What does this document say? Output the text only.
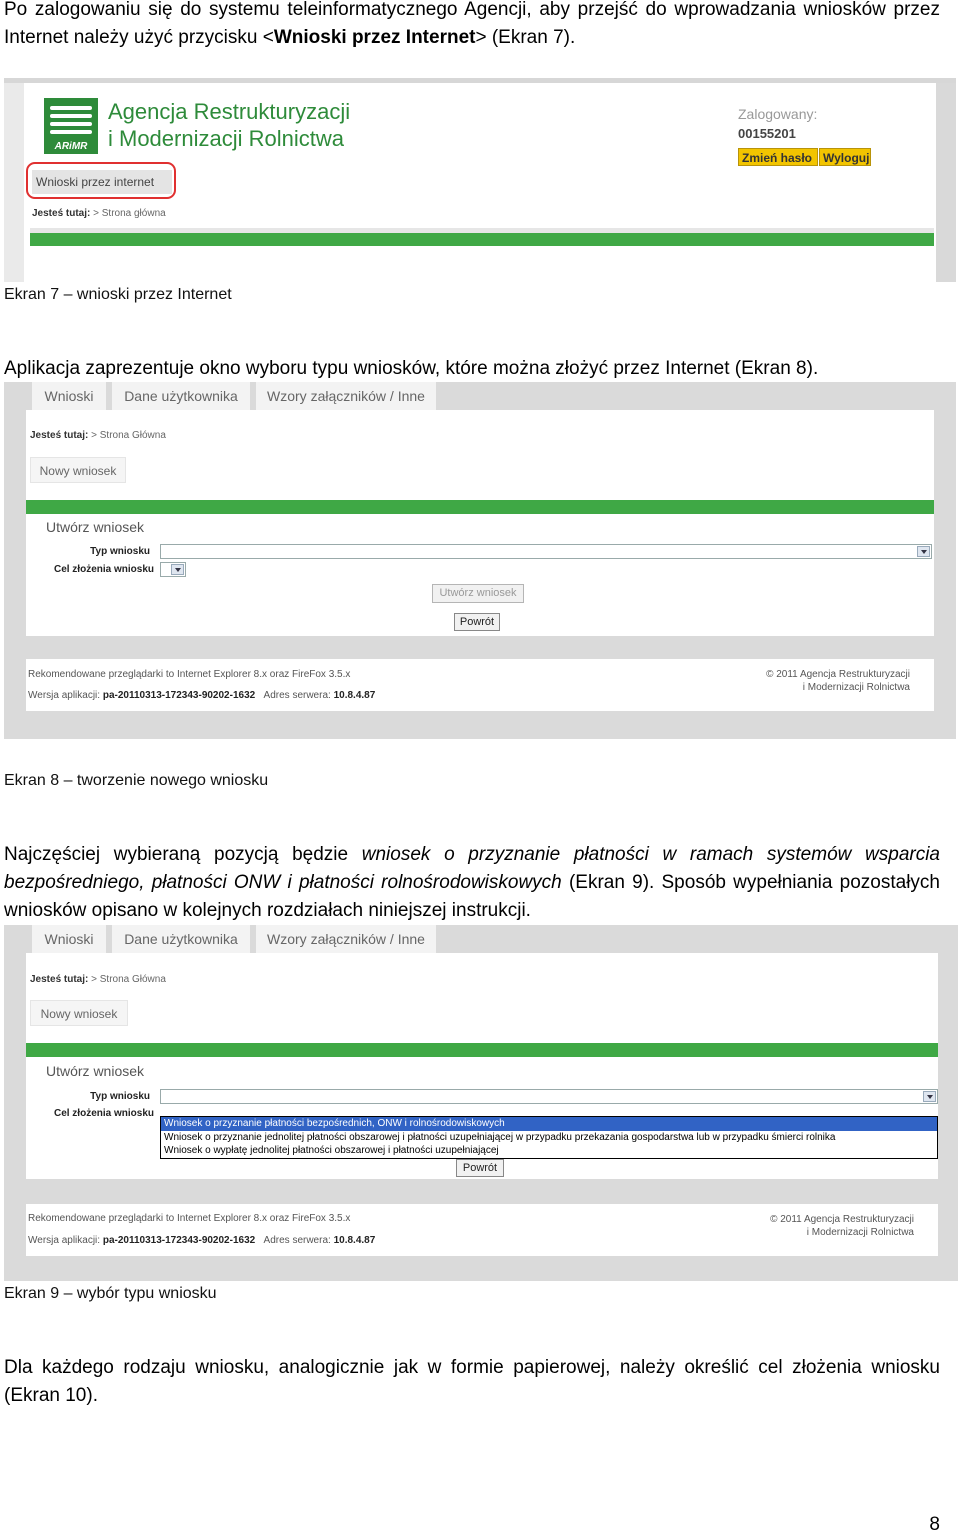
Po zalogowaniu się do systemu teleinformatycznego Agencji, aby przejść do wprowadzania wniosków przez Internet należy użyć przycisku <Wnioski przez Internet> (Ekran 7).
ARiMR
Agencja Restrukturyzacji
i Modernizacji Rolnictwa
Zalogowany:
00155201
Zmień hasło Wyloguj
Wnioski przez internet
Jesteś tutaj: > Strona główna
Ekran 7 – wnioski przez Internet
Aplikacja zaprezentuje okno wyboru typu wniosków, które można złożyć przez Internet (Ekran 8).
Wnioski	Dane użytkownika	Wzory załączników / Inne
Jesteś tutaj: > Strona Główna
Nowy wniosek
Utwórz wniosek
Typ wniosku
Cel złożenia wniosku
Utwórz wniosek
Powrót
Rekomendowane przeglądarki to Internet Explorer 8.x oraz FireFox 3.5.x
Wersja aplikacji: pa-20110313-172343-90202-1632 Adres serwera: 10.8.4.87
© 2011 Agencja Restrukturyzacji
i Modernizacji Rolnictwa
Ekran 8 – tworzenie nowego wniosku
Najczęściej wybieraną pozycją będzie wniosek o przyznanie płatności w ramach systemów wsparcia bezpośredniego, płatności ONW i płatności rolnośrodowiskowych (Ekran 9). Sposób wypełniania pozostałych wniosków opisano w kolejnych rozdziałach niniejszej instrukcji.
Wnioski	Dane użytkownika	Wzory załączników / Inne
Jesteś tutaj: > Strona Główna
Nowy wniosek
Utwórz wniosek
Typ wniosku
Cel złożenia wniosku
Wniosek o przyznanie płatności bezpośrednich, ONW i rolnośrodowiskowych
Wniosek o przyznanie jednolitej płatności obszarowej i płatności uzupełniającej w przypadku przekazania gospodarstwa lub w przypadku śmierci rolnika
Wniosek o wypłatę jednolitej płatności obszarowej i płatności uzupełniającej
Powrót
Rekomendowane przeglądarki to Internet Explorer 8.x oraz FireFox 3.5.x
Wersja aplikacji: pa-20110313-172343-90202-1632 Adres serwera: 10.8.4.87
© 2011 Agencja Restrukturyzacji
i Modernizacji Rolnictwa
Ekran 9 – wybór typu wniosku
Dla każdego rodzaju wniosku, analogicznie jak w formie papierowej, należy określić cel złożenia wniosku (Ekran 10).
8
